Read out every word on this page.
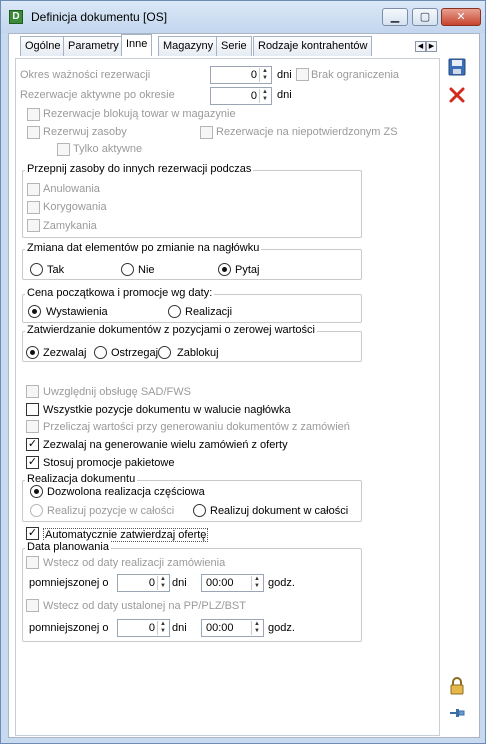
D Definicja dokumentu [OS]	▁	▢	✕
Ogólne Parametry Inne	Magazyny Serie	Rodzaje kontrahentów	◀ ▶
Okres ważności rezerwacji	0 ▲
▼ dni Brak ograniczenia
Rezerwacje aktywne po okresie	0 ▲
▼ dni
Rezerwacje blokują towar w magazynie
Rezerwuj zasoby	Rezerwacje na niepotwierdzonym ZS
Tylko aktywne
Przepnij zasoby do innych rezerwacji podczas
Anulowania
Korygowania
Zamykania
Zmiana dat elementów po zmianie na nagłówku
Tak	Nie	Pytaj
Cena początkowa i promocje wg daty:
Wystawienia	Realizacji
Zatwierdzanie dokumentów z pozycjami o zerowej wartości
Zezwalaj Ostrzegaj Zablokuj
Uwzględnij obsługę SAD/FWS
Wszystkie pozycje dokumentu w walucie nagłówka
Przeliczaj wartości przy generowaniu dokumentów z zamówień
✓ Zezwalaj na generowanie wielu zamówień z oferty
✓ Stosuj promocje pakietowe
Realizacja dokumentu
Dozwolona realizacja częściowa
Realizuj pozycje w całości	Realizuj dokument w całości
✓ Automatycznie zatwierdzaj ofertę
Data planowania
Wstecz od daty realizacji zamówienia
pomniejszonej o	0 ▲
▼ dni 00:00	▲
▼ godz.
Wstecz od daty ustalonej na PP/PLZ/BST
pomniejszonej o	0 ▲
▼ dni 00:00	▲
▼ godz.
